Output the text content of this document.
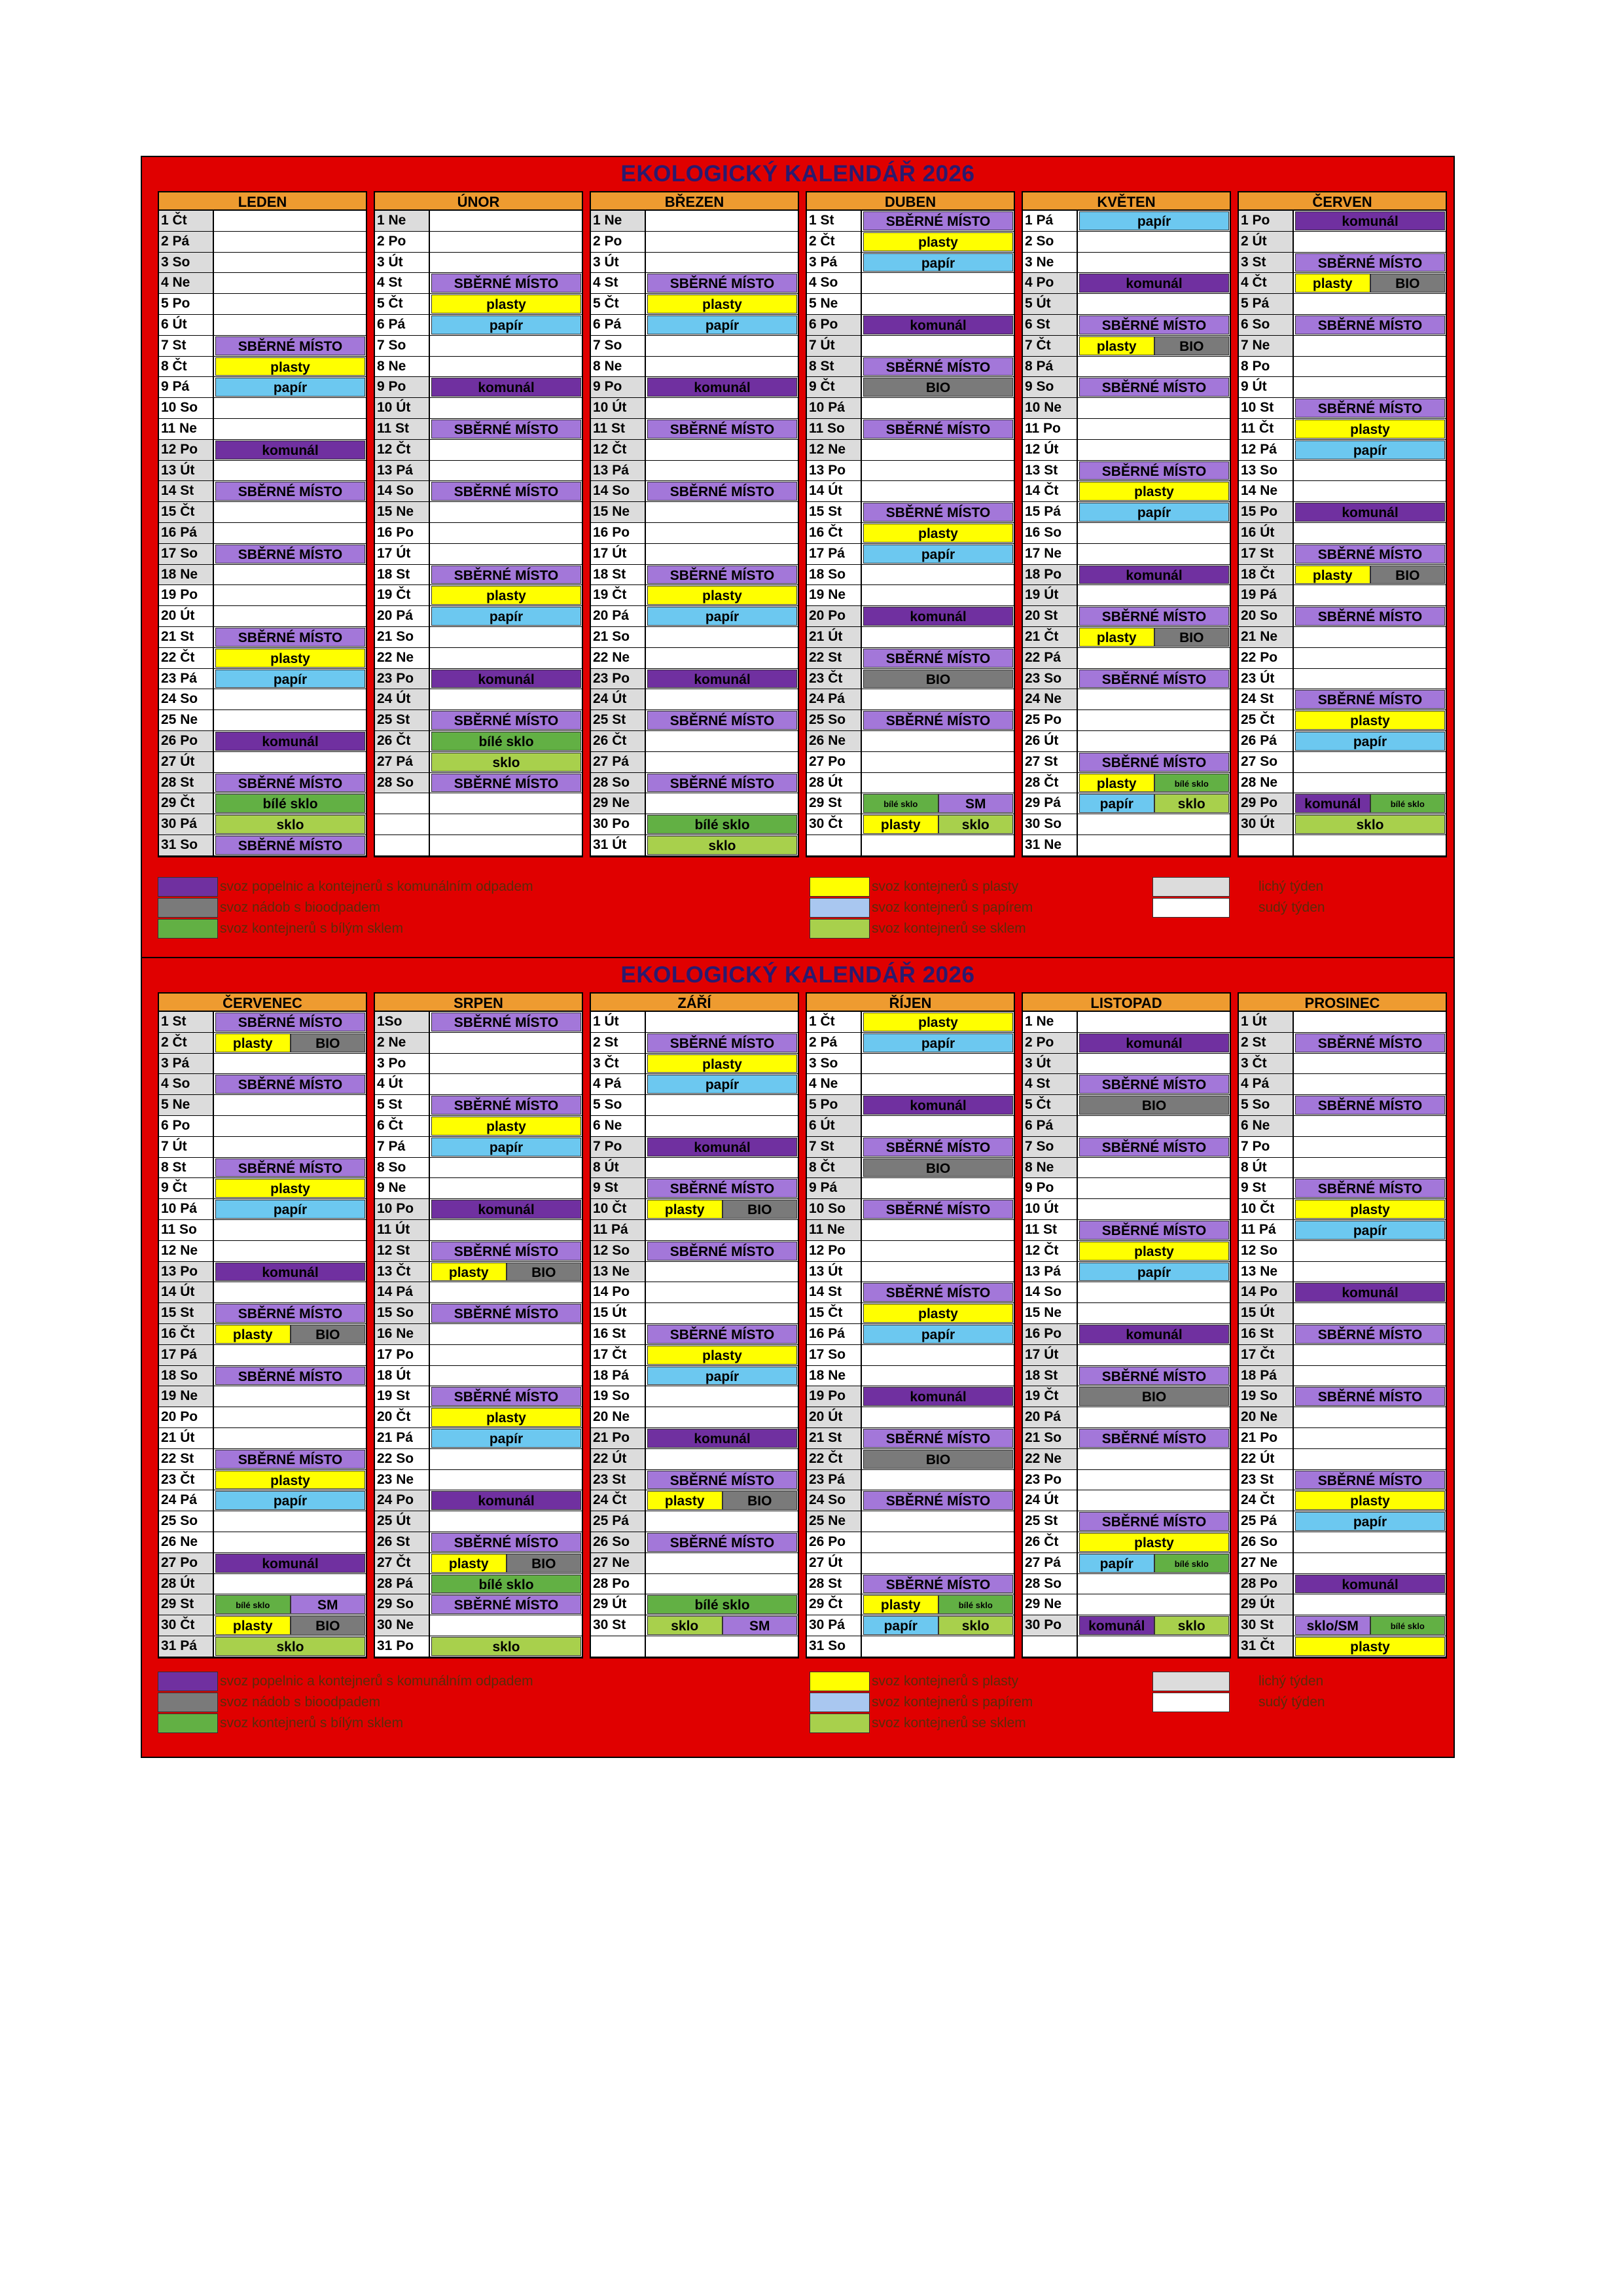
EKOLOGICKÝ KALENDÁŘ 2026
LEDEN
1 Čt
2 Pá
3 So
4 Ne
5 Po
6 Út
7 St	SBĚRNÉ MÍSTO
8 Čt	plasty
9 Pá	papír
10 So
11 Ne
12 Po	komunál
13 Út
14 St	SBĚRNÉ MÍSTO
15 Čt
16 Pá
17 So	SBĚRNÉ MÍSTO
18 Ne
19 Po
20 Út
21 St	SBĚRNÉ MÍSTO
22 Čt	plasty
23 Pá	papír
24 So
25 Ne
26 Po	komunál
27 Út
28 St	SBĚRNÉ MÍSTO
29 Čt	bílé sklo
30 Pá	sklo
31 So	SBĚRNÉ MÍSTO
ÚNOR
1 Ne
2 Po
3 Út
4 St	SBĚRNÉ MÍSTO
5 Čt	plasty
6 Pá	papír
7 So
8 Ne
9 Po	komunál
10 Út
11 St	SBĚRNÉ MÍSTO
12 Čt
13 Pá
14 So	SBĚRNÉ MÍSTO
15 Ne
16 Po
17 Út
18 St	SBĚRNÉ MÍSTO
19 Čt	plasty
20 Pá	papír
21 So
22 Ne
23 Po	komunál
24 Út
25 St	SBĚRNÉ MÍSTO
26 Čt	bílé sklo
27 Pá	sklo
28 So	SBĚRNÉ MÍSTO
BŘEZEN
1 Ne
2 Po
3 Út
4 St	SBĚRNÉ MÍSTO
5 Čt	plasty
6 Pá	papír
7 So
8 Ne
9 Po	komunál
10 Út
11 St	SBĚRNÉ MÍSTO
12 Čt
13 Pá
14 So	SBĚRNÉ MÍSTO
15 Ne
16 Po
17 Út
18 St	SBĚRNÉ MÍSTO
19 Čt	plasty
20 Pá	papír
21 So
22 Ne
23 Po	komunál
24 Út
25 St	SBĚRNÉ MÍSTO
26 Čt
27 Pá
28 So	SBĚRNÉ MÍSTO
29 Ne
30 Po	bílé sklo
31 Út	sklo
DUBEN
1 St	SBĚRNÉ MÍSTO
2 Čt	plasty
3 Pá	papír
4 So
5 Ne
6 Po	komunál
7 Út
8 St	SBĚRNÉ MÍSTO
9 Čt	BIO
10 Pá
11 So	SBĚRNÉ MÍSTO
12 Ne
13 Po
14 Út
15 St	SBĚRNÉ MÍSTO
16 Čt	plasty
17 Pá	papír
18 So
19 Ne
20 Po	komunál
21 Út
22 St	SBĚRNÉ MÍSTO
23 Čt	BIO
24 Pá
25 So	SBĚRNÉ MÍSTO
26 Ne
27 Po
28 Út
29 St	bílé sklo	SM
30 Čt	plasty	sklo
KVĚTEN
1 Pá	papír
2 So
3 Ne
4 Po	komunál
5 Út
6 St	SBĚRNÉ MÍSTO
7 Čt	plasty	BIO
8 Pá
9 So	SBĚRNÉ MÍSTO
10 Ne
11 Po
12 Út
13 St	SBĚRNÉ MÍSTO
14 Čt	plasty
15 Pá	papír
16 So
17 Ne
18 Po	komunál
19 Út
20 St	SBĚRNÉ MÍSTO
21 Čt	plasty	BIO
22 Pá
23 So	SBĚRNÉ MÍSTO
24 Ne
25 Po
26 Út
27 St	SBĚRNÉ MÍSTO
28 Čt	plasty	bílé sklo
29 Pá	papír	sklo
30 So
31 Ne
ČERVEN
1 Po	komunál
2 Út
3 St	SBĚRNÉ MÍSTO
4 Čt	plasty	BIO
5 Pá
6 So	SBĚRNÉ MÍSTO
7 Ne
8 Po
9 Út
10 St	SBĚRNÉ MÍSTO
11 Čt	plasty
12 Pá	papír
13 So
14 Ne
15 Po	komunál
16 Út
17 St	SBĚRNÉ MÍSTO
18 Čt	plasty	BIO
19 Pá
20 So	SBĚRNÉ MÍSTO
21 Ne
22 Po
23 Út
24 St	SBĚRNÉ MÍSTO
25 Čt	plasty
26 Pá	papír
27 So
28 Ne
29 Po	komunál	bílé sklo
30 Út	sklo
svoz popelnic a kontejnerů s komunálním odpadem
svoz nádob s bioodpadem
svoz kontejnerů s bílým sklem
svoz kontejnerů s plasty
svoz kontejnerů s papírem
svoz kontejnerů se sklem
lichý týden
sudý týden
EKOLOGICKÝ KALENDÁŘ 2026
ČERVENEC
1 St	SBĚRNÉ MÍSTO
2 Čt	plasty	BIO
3 Pá
4 So	SBĚRNÉ MÍSTO
5 Ne
6 Po
7 Út
8 St	SBĚRNÉ MÍSTO
9 Čt	plasty
10 Pá	papír
11 So
12 Ne
13 Po	komunál
14 Út
15 St	SBĚRNÉ MÍSTO
16 Čt	plasty	BIO
17 Pá
18 So	SBĚRNÉ MÍSTO
19 Ne
20 Po
21 Út
22 St	SBĚRNÉ MÍSTO
23 Čt	plasty
24 Pá	papír
25 So
26 Ne
27 Po	komunál
28 Út
29 St	bílé sklo	SM
30 Čt	plasty	BIO
31 Pá	sklo
SRPEN
1So	SBĚRNÉ MÍSTO
2 Ne
3 Po
4 Út
5 St	SBĚRNÉ MÍSTO
6 Čt	plasty
7 Pá	papír
8 So
9 Ne
10 Po	komunál
11 Út
12 St	SBĚRNÉ MÍSTO
13 Čt	plasty	BIO
14 Pá
15 So	SBĚRNÉ MÍSTO
16 Ne
17 Po
18 Út
19 St	SBĚRNÉ MÍSTO
20 Čt	plasty
21 Pá	papír
22 So
23 Ne
24 Po	komunál
25 Út
26 St	SBĚRNÉ MÍSTO
27 Čt	plasty	BIO
28 Pá	bílé sklo
29 So	SBĚRNÉ MÍSTO
30 Ne
31 Po	sklo
ZÁŘÍ
1 Út
2 St	SBĚRNÉ MÍSTO
3 Čt	plasty
4 Pá	papír
5 So
6 Ne
7 Po	komunál
8 Út
9 St	SBĚRNÉ MÍSTO
10 Čt	plasty	BIO
11 Pá
12 So	SBĚRNÉ MÍSTO
13 Ne
14 Po
15 Út
16 St	SBĚRNÉ MÍSTO
17 Čt	plasty
18 Pá	papír
19 So
20 Ne
21 Po	komunál
22 Út
23 St	SBĚRNÉ MÍSTO
24 Čt	plasty	BIO
25 Pá
26 So	SBĚRNÉ MÍSTO
27 Ne
28 Po
29 Út	bílé sklo
30 St	sklo	SM
ŘÍJEN
1 Čt	plasty
2 Pá	papír
3 So
4 Ne
5 Po	komunál
6 Út
7 St	SBĚRNÉ MÍSTO
8 Čt	BIO
9 Pá
10 So	SBĚRNÉ MÍSTO
11 Ne
12 Po
13 Út
14 St	SBĚRNÉ MÍSTO
15 Čt	plasty
16 Pá	papír
17 So
18 Ne
19 Po	komunál
20 Út
21 St	SBĚRNÉ MÍSTO
22 Čt	BIO
23 Pá
24 So	SBĚRNÉ MÍSTO
25 Ne
26 Po
27 Út
28 St	SBĚRNÉ MÍSTO
29 Čt	plasty	bílé sklo
30 Pá	papír	sklo
31 So
LISTOPAD
1 Ne
2 Po	komunál
3 Út
4 St	SBĚRNÉ MÍSTO
5 Čt	BIO
6 Pá
7 So	SBĚRNÉ MÍSTO
8 Ne
9 Po
10 Út
11 St	SBĚRNÉ MÍSTO
12 Čt	plasty
13 Pá	papír
14 So
15 Ne
16 Po	komunál
17 Út
18 St	SBĚRNÉ MÍSTO
19 Čt	BIO
20 Pá
21 So	SBĚRNÉ MÍSTO
22 Ne
23 Po
24 Út
25 St	SBĚRNÉ MÍSTO
26 Čt	plasty
27 Pá	papír	bílé sklo
28 So
29 Ne
30 Po	komunál	sklo
PROSINEC
1 Út
2 St	SBĚRNÉ MÍSTO
3 Čt
4 Pá
5 So	SBĚRNÉ MÍSTO
6 Ne
7 Po
8 Út
9 St	SBĚRNÉ MÍSTO
10 Čt	plasty
11 Pá	papír
12 So
13 Ne
14 Po	komunál
15 Út
16 St	SBĚRNÉ MÍSTO
17 Čt
18 Pá
19 So	SBĚRNÉ MÍSTO
20 Ne
21 Po
22 Út
23 St	SBĚRNÉ MÍSTO
24 Čt	plasty
25 Pá	papír
26 So
27 Ne
28 Po	komunál
29 Út
30 St	sklo/SM	bílé sklo
31 Čt	plasty
svoz popelnic a kontejnerů s komunálním odpadem
svoz nádob s bioodpadem
svoz kontejnerů s bílým sklem
svoz kontejnerů s plasty
svoz kontejnerů s papírem
svoz kontejnerů se sklem
lichý týden
sudý týden
